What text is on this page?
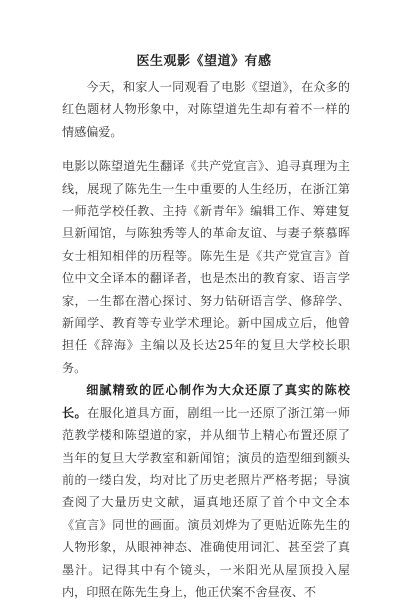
医生观影《望道》有感

今天，和家人一同观看了电影《望道》，在众多的红色题材人物形象中，对陈望道先生却有着不一样的情感偏爱。

电影以陈望道先生翻译《共产党宣言》、追寻真理为主线，展现了陈先生一生中重要的人生经历，在浙江第一师范学校任教、主持《新青年》编辑工作、筹建复旦新闻馆，与陈独秀等人的革命友谊、与妻子蔡慕晖女士相知相伴的历程等。陈先生是《共产党宣言》首位中文全译本的翻译者，也是杰出的教育家、语言学家，一生都在潜心探讨、努力钻研语言学、修辞学、新闻学、教育等专业学术理论。新中国成立后，他曾担任《辞海》主编以及长达25年的复旦大学校长职务。

细腻精致的匠心制作为大众还原了真实的陈校长。在服化道具方面，剧组一比一还原了浙江第一师范教学楼和陈望道的家，并从细节上精心布置还原了当年的复旦大学教室和新闻馆；演员的造型细到额头前的一缕白发，均对比了历史老照片严格考据；导演查阅了大量历史文献，逼真地还原了首个中文全本《宣言》同世的画面。演员刘烨为了更贴近陈先生的人物形象，从眼神神态、准确使用词汇、甚至尝了真墨汁。记得其中有个镜头，一米阳光从屋顶投入屋内，印照在陈先生身上，他正伏案不舍昼夜、不
